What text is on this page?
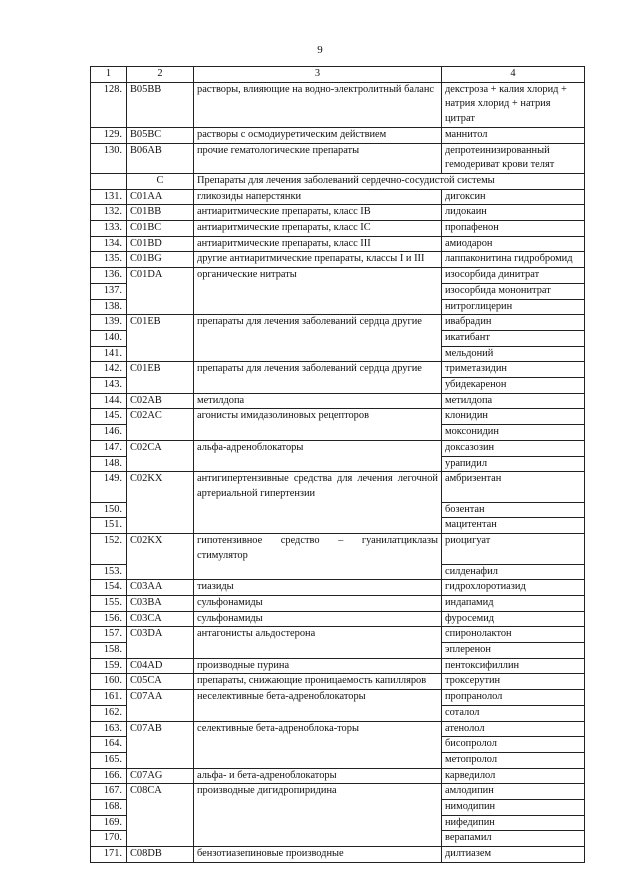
9
1	2	3	4
128.	B05BB	растворы, влияющие на водно-электролитный баланс	декстроза + калия хлорид + натрия хлорид + натрия цитрат
129.	B05BC	растворы с осмодиуретическим действием	маннитол
130.	B06AB	прочие гематологические препараты	депротеинизированный гемодериват крови телят
	C	Препараты для лечения заболеваний сердечно-сосудистой системы	
131.	C01AA	гликозиды наперстянки	дигоксин
132.	C01BB	антиаритмические препараты, класс IB	лидокаин
133.	C01BC	антиаритмические препараты, класс IC	пропафенон
134.	C01BD	антиаритмические препараты, класс III	амиодарон
135.	C01BG	другие антиаритмические препараты, классы I и III	лаппаконитина гидробромид
136.	C01DA	органические нитраты	изосорбида динитрат
137.			изосорбида мононитрат
138.			нитроглицерин
139.	C01EB	препараты для лечения заболеваний сердца другие	ивабрадин
140.			икатибант
141.			мельдоний
142.	C01EB	препараты для лечения заболеваний сердца другие	триметазидин
143.			убидекаренон
144.	C02AB	метилдопа	метилдопа
145.	C02AC	агонисты имидазолиновых рецепторов	клонидин
146.			моксонидин
147.	C02CA	альфа-адреноблокаторы	доксазозин
148.			урапидил
149.	C02KX	антигипертензивные средства для лечения легочной артериальной гипертензии	амбризентан
150.			бозентан
151.			мацитентан
152.	C02KX	гипотензивное средство – гуанилатциклазы стимулятор	риоцигуат
153.			силденафил
154.	C03AA	тиазиды	гидрохлоротиазид
155.	C03BA	сульфонамиды	индапамид
156.	C03CA	сульфонамиды	фуросемид
157.	C03DA	антагонисты альдостерона	спиронолактон
158.			эплеренон
159.	C04AD	производные пурина	пентоксифиллин
160.	C05CA	препараты, снижающие проницаемость капилляров	троксерутин
161.	C07AA	неселективные бета-адреноблокаторы	пропранолол
162.			соталол
163.	C07AB	селективные бета-адреноблока-торы	атенолол
164.			бисопролол
165.			метопролол
166.	C07AG	альфа- и бета-адреноблокаторы	карведилол
167.	C08CA	производные дигидропиридина	амлодипин
168.			нимодипин
169.			нифедипин
170.			верапамил
171.	C08DB	бензотиазепиновые производные	дилтиазем
